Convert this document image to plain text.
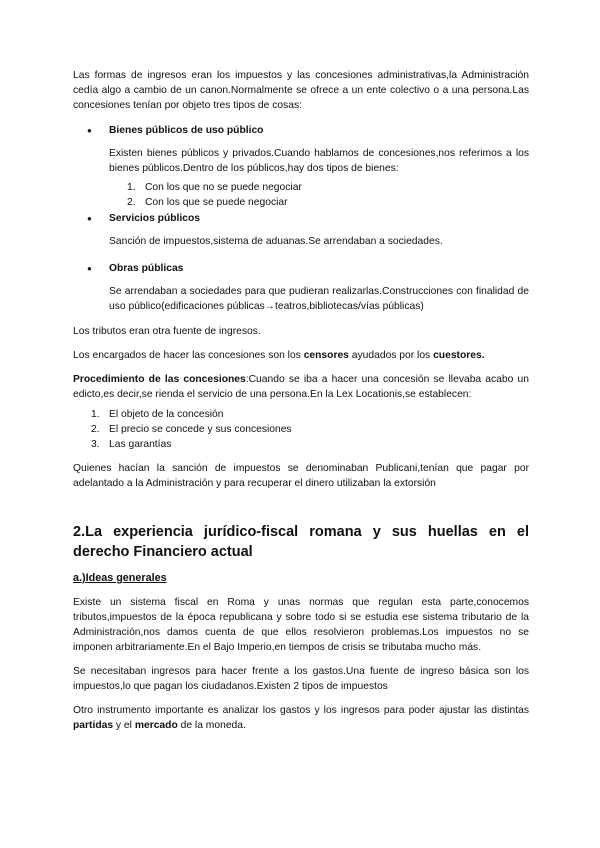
Las formas de ingresos eran los impuestos y las concesiones administrativas,la Administración cedía algo a cambio de un canon.Normalmente se ofrece a un ente colectivo o a una persona.Las concesiones tenían por objeto tres tipos de cosas:

● Bienes públicos de uso público

Existen bienes públicos y privados.Cuando hablamos de concesiones,nos referimos a los bienes públicos.Dentro de los públicos,hay dos tipos de bienes:

1. Con los que no se puede negociar
2. Con los que se puede negociar
● Servicios públicos

Sanción de impuestos,sistema de aduanas.Se arrendaban a sociedades.

● Obras públicas

Se arrendaban a sociedades para que pudieran realizarlas.Construcciones con finalidad de uso público(edificaciones públicas→teatros,bibliotecas/vías públicas)

Los tributos eran otra fuente de ingresos.

Los encargados de hacer las concesiones son los censores ayudados por los cuestores.

Procedimiento de las concesiones:Cuando se iba a hacer una concesión se llevaba acabo un edicto,es decir,se rienda el servicio de una persona.En la Lex Locationis,se establecen:

1. El objeto de la concesión
2. El precio se concede y sus concesiones
3. Las garantías

Quienes hacían la sanción de impuestos se denominaban Publicani,tenían que pagar por adelantado a la Administración y para recuperar el dinero utilizaban la extorsión

2.La experiencia jurídico-fiscal romana y sus huellas en el derecho Financiero actual
a.)Ideas generales

Existe un sistema fiscal en Roma y unas normas que regulan esta parte,conocemos tributos,impuestos de la época republicana y sobre todo si se estudia ese sistema tributario de la Administración,nos damos cuenta de que ellos resolvieron problemas.Los impuestos no se imponen arbitrariamente.En el Bajo Imperio,en tiempos de crisis se tributaba mucho más.

Se necesitaban ingresos para hacer frente a los gastos.Una fuente de ingreso básica son los impuestos,lo que pagan los ciudadanos.Existen 2 tipos de impuestos

Otro instrumento importante es analizar los gastos y los ingresos para poder ajustar las distintas partidas y el mercado de la moneda.
